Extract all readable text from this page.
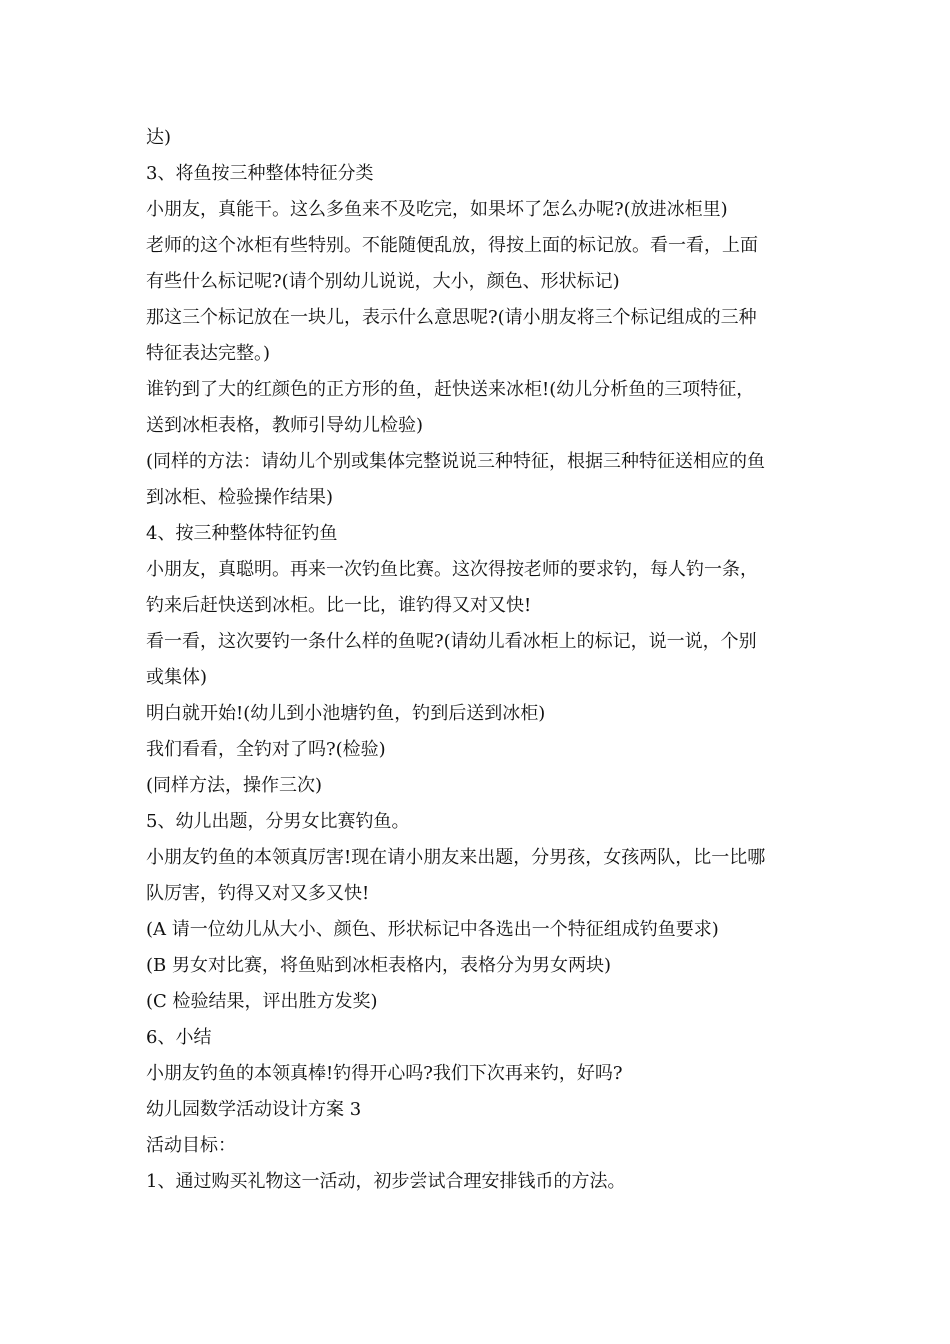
达)
3、将鱼按三种整体特征分类
小朋友，真能干。这么多鱼来不及吃完，如果坏了怎么办呢?(放进冰柜里)
老师的这个冰柜有些特别。不能随便乱放，得按上面的标记放。看一看，上面
有些什么标记呢?(请个别幼儿说说，大小，颜色、形状标记)
那这三个标记放在一块儿，表示什么意思呢?(请小朋友将三个标记组成的三种
特征表达完整。)
谁钓到了大的红颜色的正方形的鱼，赶快送来冰柜!(幼儿分析鱼的三项特征，
送到冰柜表格，教师引导幼儿检验)
(同样的方法：请幼儿个别或集体完整说说三种特征，根据三种特征送相应的鱼
到冰柜、检验操作结果)
4、按三种整体特征钓鱼
小朋友，真聪明。再来一次钓鱼比赛。这次得按老师的要求钓，每人钓一条，
钓来后赶快送到冰柜。比一比，谁钓得又对又快!
看一看，这次要钓一条什么样的鱼呢?(请幼儿看冰柜上的标记，说一说，个别
或集体)
明白就开始!(幼儿到小池塘钓鱼，钓到后送到冰柜)
我们看看，全钓对了吗?(检验)
(同样方法，操作三次)
5、幼儿出题，分男女比赛钓鱼。
小朋友钓鱼的本领真厉害!现在请小朋友来出题，分男孩，女孩两队，比一比哪
队厉害，钓得又对又多又快!
(A 请一位幼儿从大小、颜色、形状标记中各选出一个特征组成钓鱼要求)
(B 男女对比赛，将鱼贴到冰柜表格内，表格分为男女两块)
(C 检验结果，评出胜方发奖)
6、小结
小朋友钓鱼的本领真棒!钓得开心吗?我们下次再来钓，好吗?
幼儿园数学活动设计方案 3
活动目标：
1、通过购买礼物这一活动，初步尝试合理安排钱币的方法。
